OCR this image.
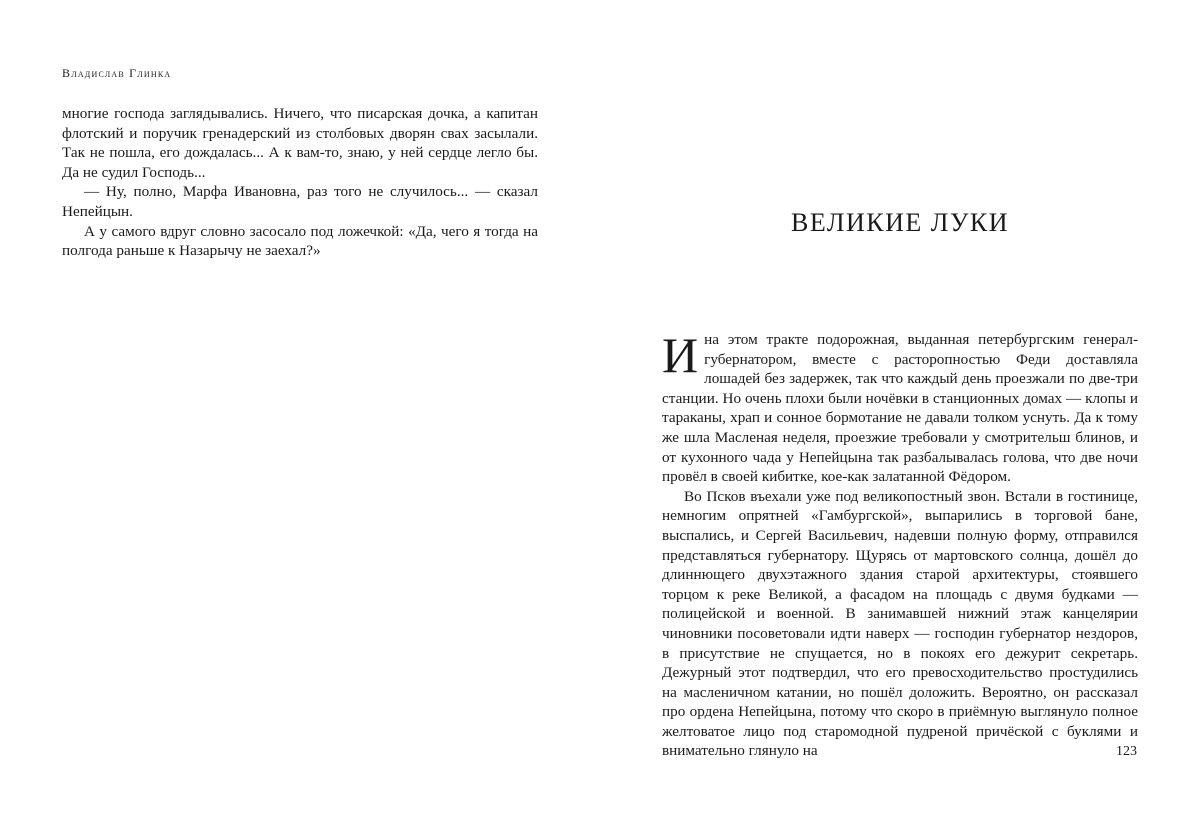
Владислав Глинка

многие господа заглядывались. Ничего, что писарская дочка, а капитан флотский и поручик гренадерский из столбовых дворян сваx засылали. Так не пошла, его дождалась... А к вам-то, знаю, у ней сердце легло бы. Да не судил Господь...

— Ну, полно, Марфа Ивановна, раз того не случилось... — сказал Непейцын.

А у самого вдруг словно засосало под ложечкой: «Да, чего я тогда на полгода раньше к Назарычу не заехал?»

ВЕЛИКИЕ ЛУКИ

Ина этом тракте подорожная, выданная петербургским генерал-губернатором, вместе с расторопностью Феди доставляла лошадей без задержек, так что каждый день проезжали по две-три станции. Но очень плохи были ночёвки в станционных домах — клопы и тараканы, храп и сонное бормотание не давали толком уснуть. Да к тому же шла Масленая неделя, проезжие требовали у смотрительш блинов, и от кухонного чада у Непейцына так разбалывалась голова, что две ночи провёл в своей кибитке, кое-как залатанной Фёдором.

Во Псков въехали уже под великопостный звон. Встали в гостинице, немногим опрятней «Гамбургской», выпарились в торговой бане, выспались, и Сергей Васильевич, надевши полную форму, отправился представляться губернатору. Щурясь от мартовского солнца, дошёл до длиннющего двухэтажного здания старой архитектуры, стоявшего торцом к реке Великой, а фасадом на площадь с двумя будками — полицейской и военной. В занимавшей нижний этаж канцелярии чиновники посоветовали идти наверх — господин губернатор нездоров, в присутствие не спущается, но в покоях его дежурит секретарь. Дежурный этот подтвердил, что его превосходительство простудились на масленичном катании, но пошёл доложить. Вероятно, он рассказал про ордена Непейцына, потому что скоро в приёмную выглянуло полное желтоватое лицо под старомодной пудреной причёской с буклями и внимательно глянуло на	123
